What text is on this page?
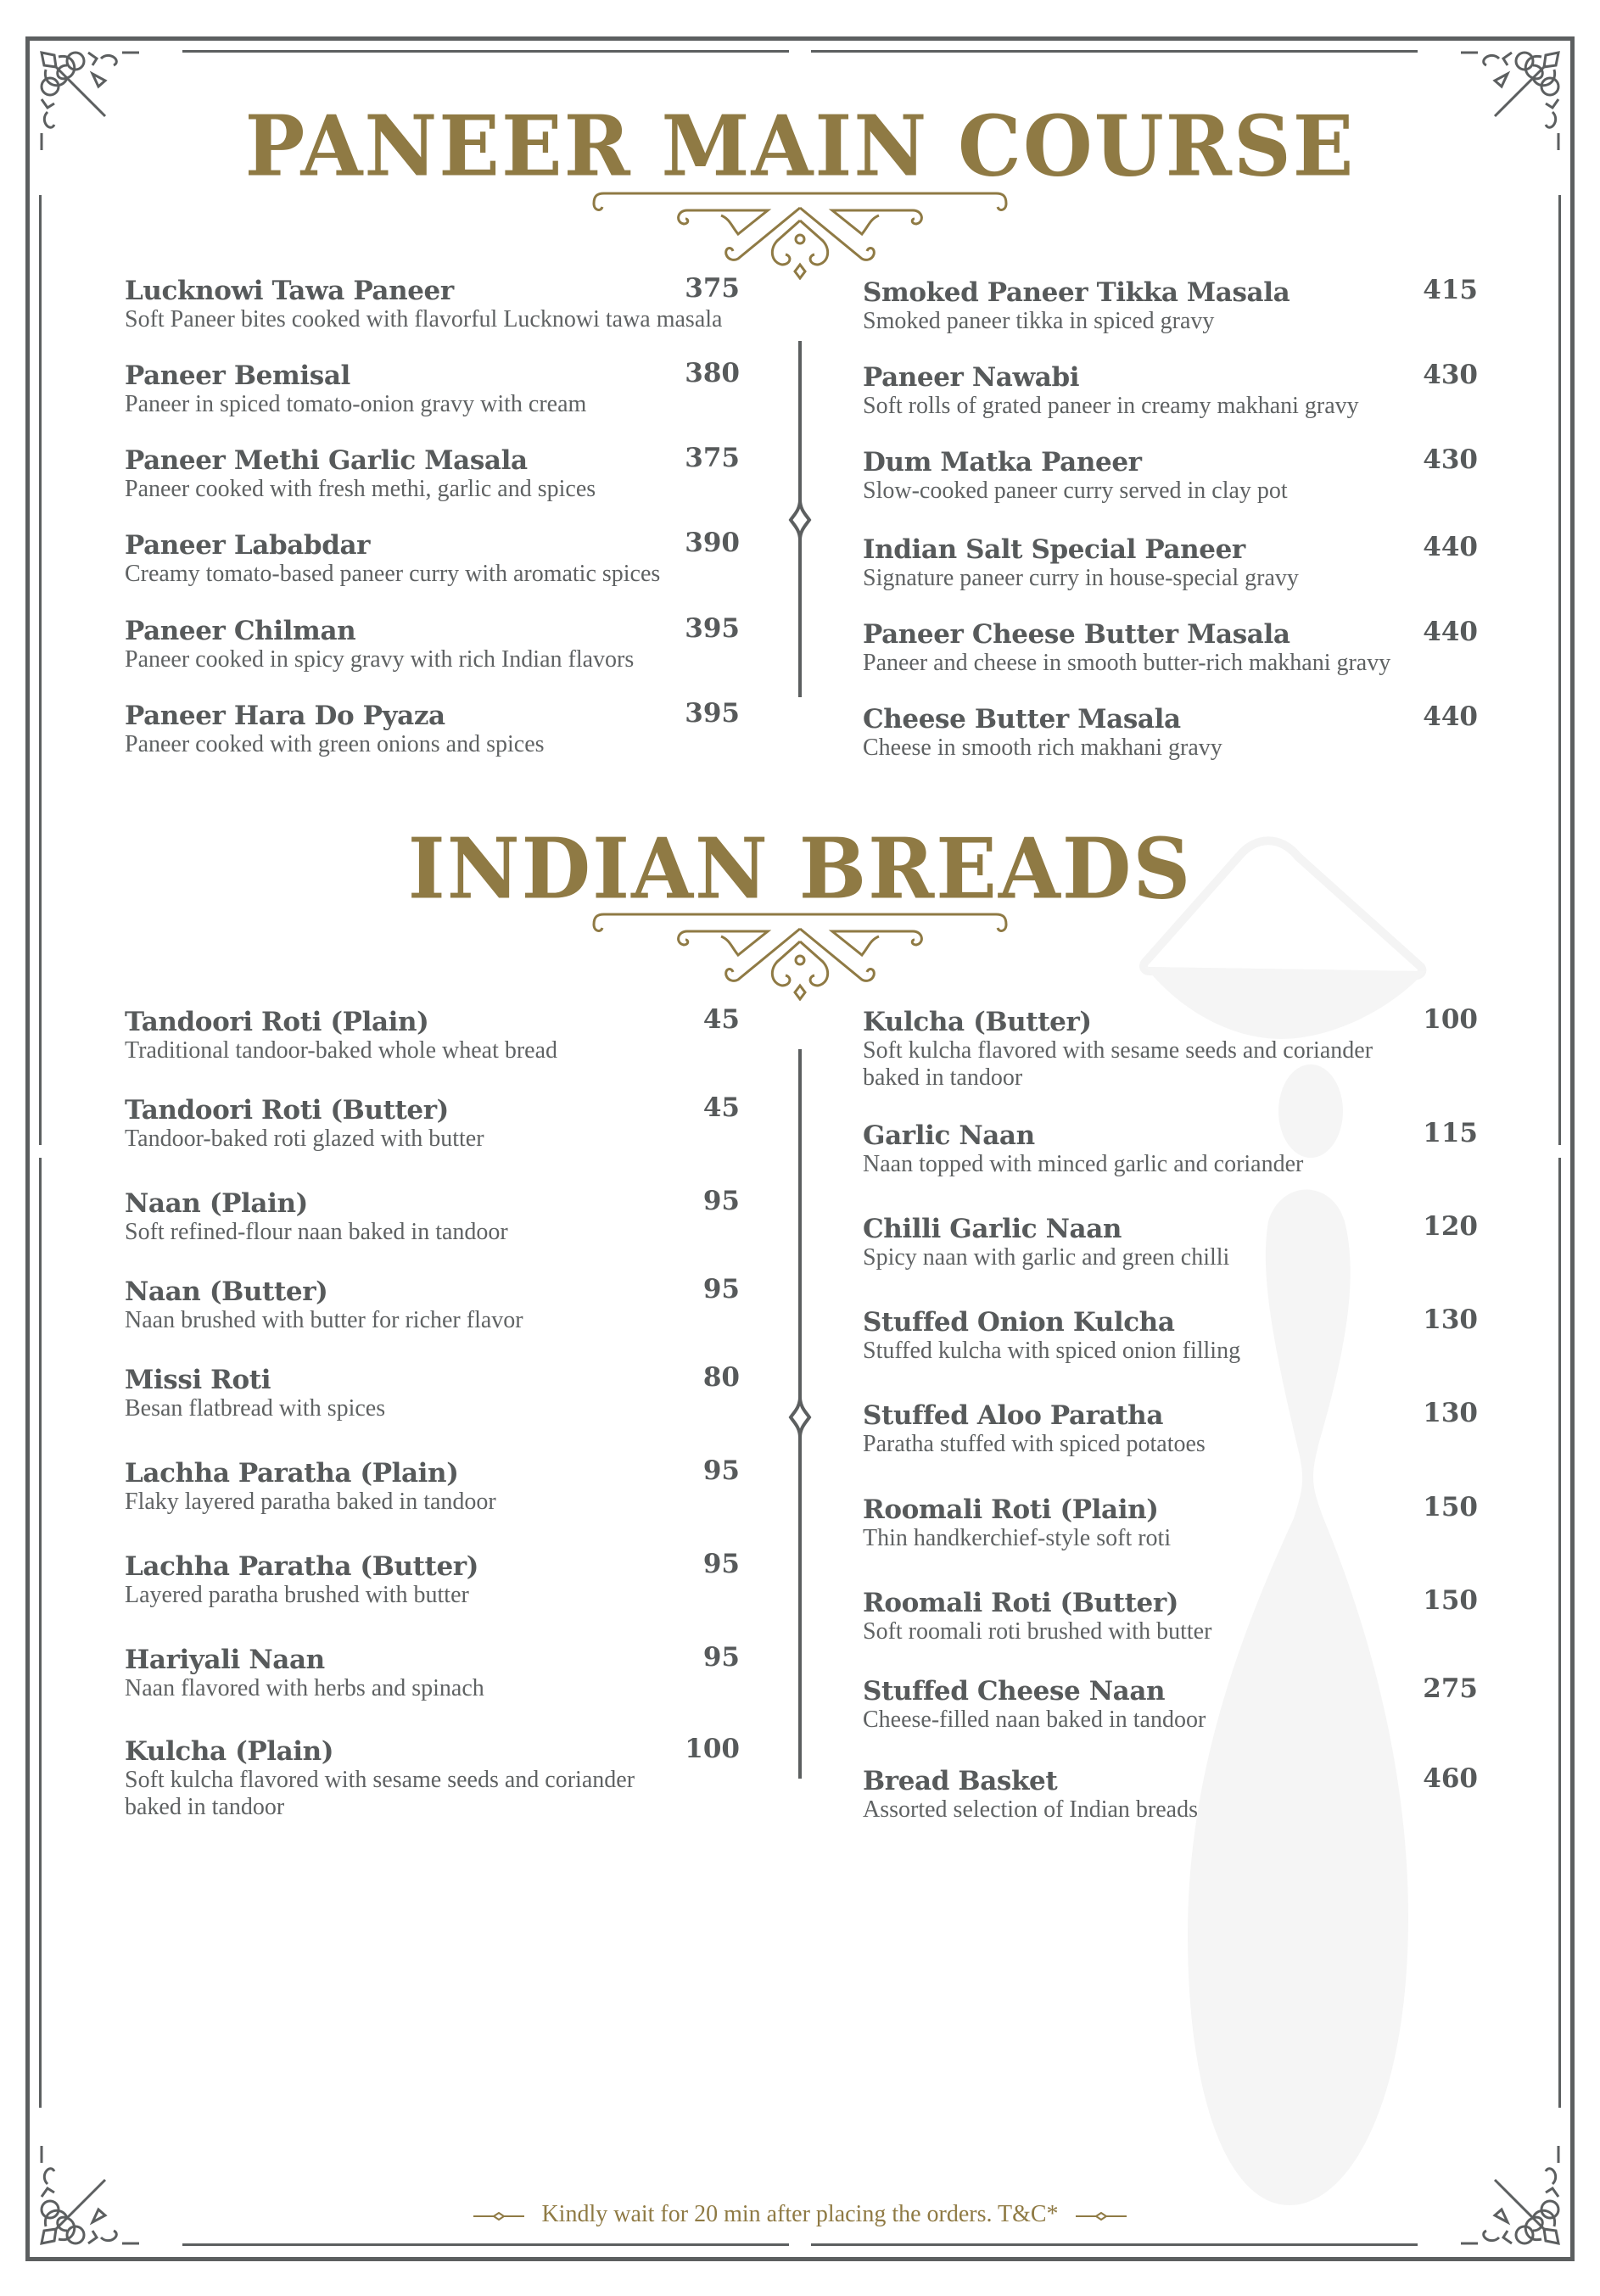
PANEER MAIN COURSE
Lucknowi Tawa Paneer	375
Soft Paneer bites cooked with flavorful Lucknowi tawa masala
Paneer Bemisal	380
Paneer in spiced tomato-onion gravy with cream
Paneer Methi Garlic Masala	375
Paneer cooked with fresh methi, garlic and spices
Paneer Lababdar	390
Creamy tomato-based paneer curry with aromatic spices
Paneer Chilman	395
Paneer cooked in spicy gravy with rich Indian flavors
Paneer Hara Do Pyaza	395
Paneer cooked with green onions and spices
Smoked Paneer Tikka Masala	415
Smoked paneer tikka in spiced gravy
Paneer Nawabi	430
Soft rolls of grated paneer in creamy makhani gravy
Dum Matka Paneer	430
Slow-cooked paneer curry served in clay pot
Indian Salt Special Paneer	440
Signature paneer curry in house-special gravy
Paneer Cheese Butter Masala	440
Paneer and cheese in smooth butter-rich makhani gravy
Cheese Butter Masala	440
Cheese in smooth rich makhani gravy
INDIAN BREADS
Tandoori Roti (Plain)	45
Traditional tandoor-baked whole wheat bread
Tandoori Roti (Butter)	45
Tandoor-baked roti glazed with butter
Naan (Plain)	95
Soft refined-flour naan baked in tandoor
Naan (Butter)	95
Naan brushed with butter for richer flavor
Missi Roti	80
Besan flatbread with spices
Lachha Paratha (Plain)	95
Flaky layered paratha baked in tandoor
Lachha Paratha (Butter)	95
Layered paratha brushed with butter
Hariyali Naan	95
Naan flavored with herbs and spinach
Kulcha (Plain)	100
Soft kulcha flavored with sesame seeds and coriander
baked in tandoor
Kulcha (Butter)	100
Soft kulcha flavored with sesame seeds and coriander
baked in tandoor
Garlic Naan	115
Naan topped with minced garlic and coriander
Chilli Garlic Naan	120
Spicy naan with garlic and green chilli
Stuffed Onion Kulcha	130
Stuffed kulcha with spiced onion filling
Stuffed Aloo Paratha	130
Paratha stuffed with spiced potatoes
Roomali Roti (Plain)	150
Thin handkerchief-style soft roti
Roomali Roti (Butter)	150
Soft roomali roti brushed with butter
Stuffed Cheese Naan	275
Cheese-filled naan baked in tandoor
Bread Basket	460
Assorted selection of Indian breads
Kindly wait for 20 min after placing the orders. T&C*
